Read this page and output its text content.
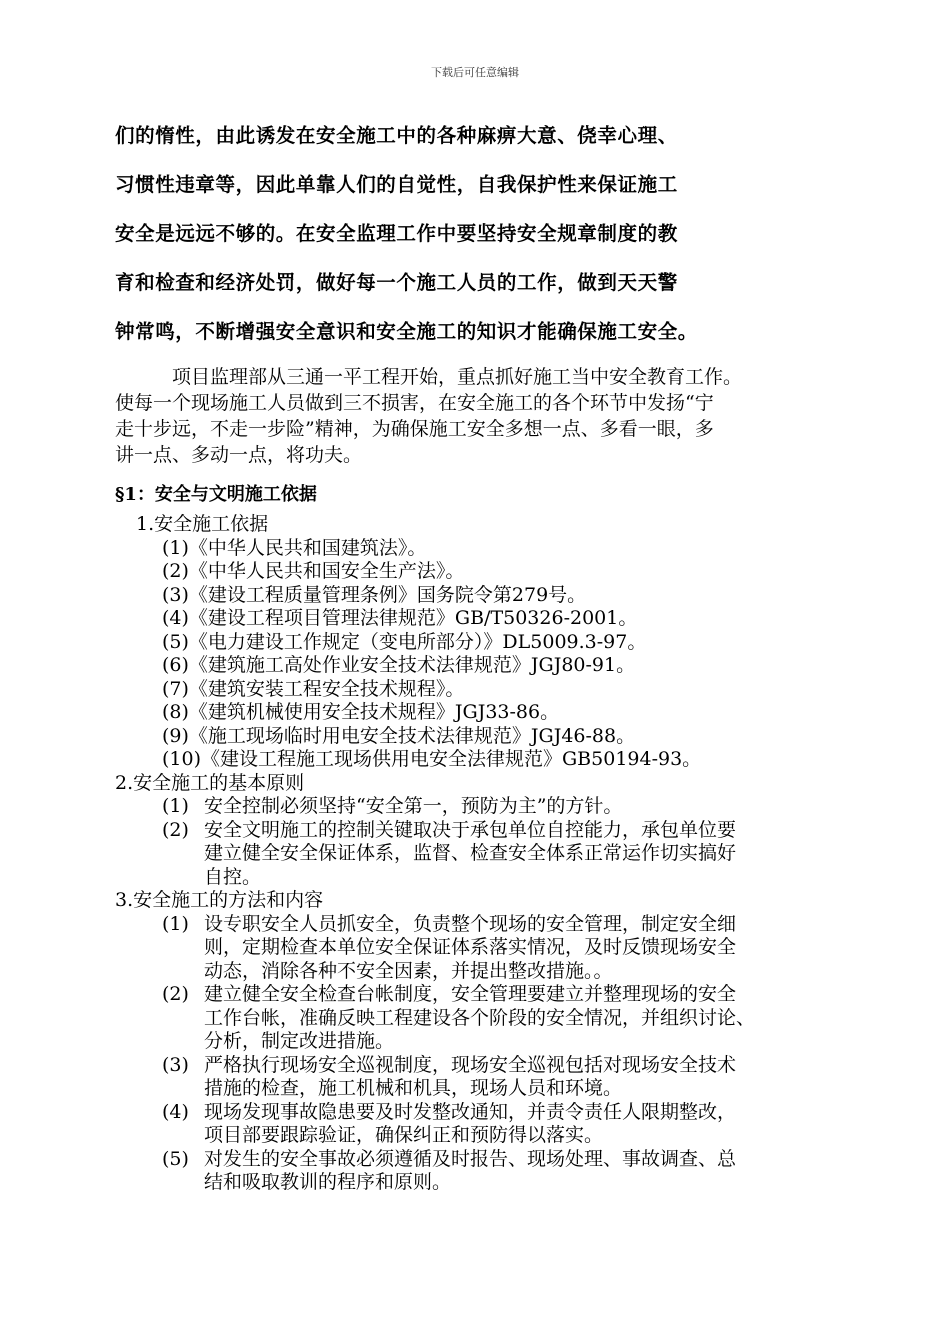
下载后可任意编辑
们的惰性，由此诱发在安全施工中的各种麻痹大意、侥幸心理、
习惯性违章等，因此单靠人们的自觉性，自我保护性来保证施工
安全是远远不够的。在安全监理工作中要坚持安全规章制度的教
育和检查和经济处罚，做好每一个施工人员的工作，做到天天警
钟常鸣，不断增强安全意识和安全施工的知识才能确保施工安全。
　　　项目监理部从三通一平工程开始，重点抓好施工当中安全教育工作。
使每一个现场施工人员做到三不损害，在安全施工的各个环节中发扬“宁
走十步远，不走一步险”精神，为确保施工安全多想一点、多看一眼，多
讲一点、多动一点，将功夫。
§1：安全与文明施工依据
1.安全施工依据
(1)《中华人民共和国建筑法》。
(2)《中华人民共和国安全生产法》。
(3)《建设工程质量管理条例》国务院令第279号。
(4)《建设工程项目管理法律规范》GB/T50326-2001。
(5)《电力建设工作规定（变电所部分）》DL5009.3-97。
(6)《建筑施工高处作业安全技术法律规范》JGJ80-91。
(7)《建筑安装工程安全技术规程》。
(8)《建筑机械使用安全技术规程》JGJ33-86。
(9)《施工现场临时用电安全技术法律规范》JGJ46-88。
(10)《建设工程施工现场供用电安全法律规范》GB50194-93。
2.安全施工的基本原则
(1) 安全控制必须坚持“安全第一，预防为主”的方针。
(2) 安全文明施工的控制关键取决于承包单位自控能力，承包单位要
建立健全安全保证体系，监督、检查安全体系正常运作切实搞好
自控。
3.安全施工的方法和内容
(1) 设专职安全人员抓安全，负责整个现场的安全管理，制定安全细
则，定期检查本单位安全保证体系落实情况，及时反馈现场安全
动态，消除各种不安全因素，并提出整改措施。。
(2) 建立健全安全检查台帐制度，安全管理要建立并整理现场的安全
工作台帐，准确反映工程建设各个阶段的安全情况，并组织讨论、
分析，制定改进措施。
(3) 严格执行现场安全巡视制度，现场安全巡视包括对现场安全技术
措施的检查，施工机械和机具，现场人员和环境。
(4) 现场发现事故隐患要及时发整改通知，并责令责任人限期整改，
项目部要跟踪验证，确保纠正和预防得以落实。
(5) 对发生的安全事故必须遵循及时报告、现场处理、事故调查、总
结和吸取教训的程序和原则。
